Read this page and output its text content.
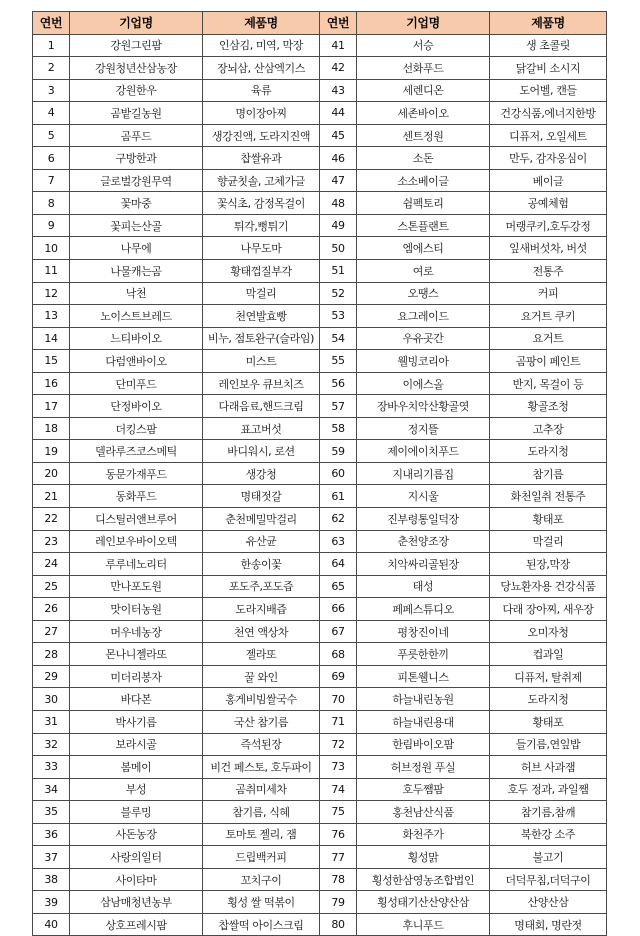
연번	기업명	제품명	연번	기업명	제품명
1	강원그린팜	인삼김, 미역, 막장	41	서승	생 초콜릿
2	강원청년산삼농장	장뇌삼, 산삼엑기스	42	선화푸드	닭갈비 소시지
3	강원한우	육류	43	세렌디온	도어벨, 캔들
4	곰밭길농원	명이장아찌	44	세존바이오	건강식품,에너지한방
5	곰푸드	생강진액, 도라지진액	45	센트정원	디퓨저, 오일세트
6	구방한과	찹쌀유과	46	소돈	만두, 감자옹심이
7	글로벌강원무역	향균칫솔, 고체가글	47	소소베이글	베이글
8	꽃마중	꽃식초, 감정목걸이	48	쉼펙토리	공예체험
9	꽃피는산골	튀각,뻥튀기	49	스톤플랜트	머랭쿠키,호두강정
10	나무에	나무도마	50	엠에스티	잎새버섯차, 버섯
11	나물캐는곰	황태껍질부각	51	여로	전통주
12	낙천	막걸리	52	오땡스	커피
13	노이스트브레드	천연발효빵	53	요그레이드	요거트 쿠키
14	느티바이오	비누, 점토완구(슬라임)	54	우유곳간	요거트
15	다럼앤바이오	미스트	55	웰빙코리아	곰팡이 페인트
16	단미푸드	레인보우 큐브치즈	56	이에스올	반지, 목걸이 등
17	단정바이오	다래음료,핸드크림	57	장바우치악산황골엿	황골조청
18	더킹스팜	표고버섯	58	정지뜰	고추장
19	델라루즈코스메틱	바디워시, 로션	59	제이에이치푸드	도라지청
20	동문가재푸드	생강청	60	지내리기름집	참기름
21	동화푸드	명태젓갈	61	지시울	화천일취 전통주
22	디스틸러앤브루어	춘천메밀막걸리	62	진부령통일덕장	황태포
23	레인보우바이오텍	유산균	63	춘천양조장	막걸리
24	루루네노리터	한송이꽃	64	치악싸리골된장	된장,막장
25	만나포도원	포도주,포도즙	65	태성	당뇨환자용 건강식품
26	맛이터농원	도라지배즙	66	페페스튜디오	다래 장아찌, 새우장
27	머우네농장	천연 액상차	67	평창진이네	오미자청
28	몬나니젤라또	젤라또	68	푸릇한한끼	컵과일
29	미더리봉자	꿀 와인	69	피톤웰니스	디퓨저, 탈취제
30	바다본	홍게비빔쌀국수	70	하늘내린농원	도라지청
31	박사기름	국산 참기름	71	하늘내린용대	황태포
32	보라시골	즉석된장	72	한림바이오팜	들기름,연잎밥
33	봄메이	비건 페스토, 호두파이	73	허브정원 푸실	허브 사과잼
34	부성	곰취미세차	74	호두쨈팜	호두 정과, 과일쨈
35	블루밍	참기름, 식혜	75	홍천남산식품	참기름,참깨
36	사돈농장	토마토 젤리, 잼	76	화천주가	북한강 소주
37	사랑의일터	드립백커피	77	횡성맑	불고기
38	사이타마	꼬치구이	78	횡성한삼영농조합법인	더덕무침,더덕구이
39	삼남매청년농부	횡성 쌀 떡볶이	79	횡성태기산산양산삼	산양산삼
40	상호프레시팜	찹쌀떡 아이스크림	80	후니푸드	명태회, 명란젓
